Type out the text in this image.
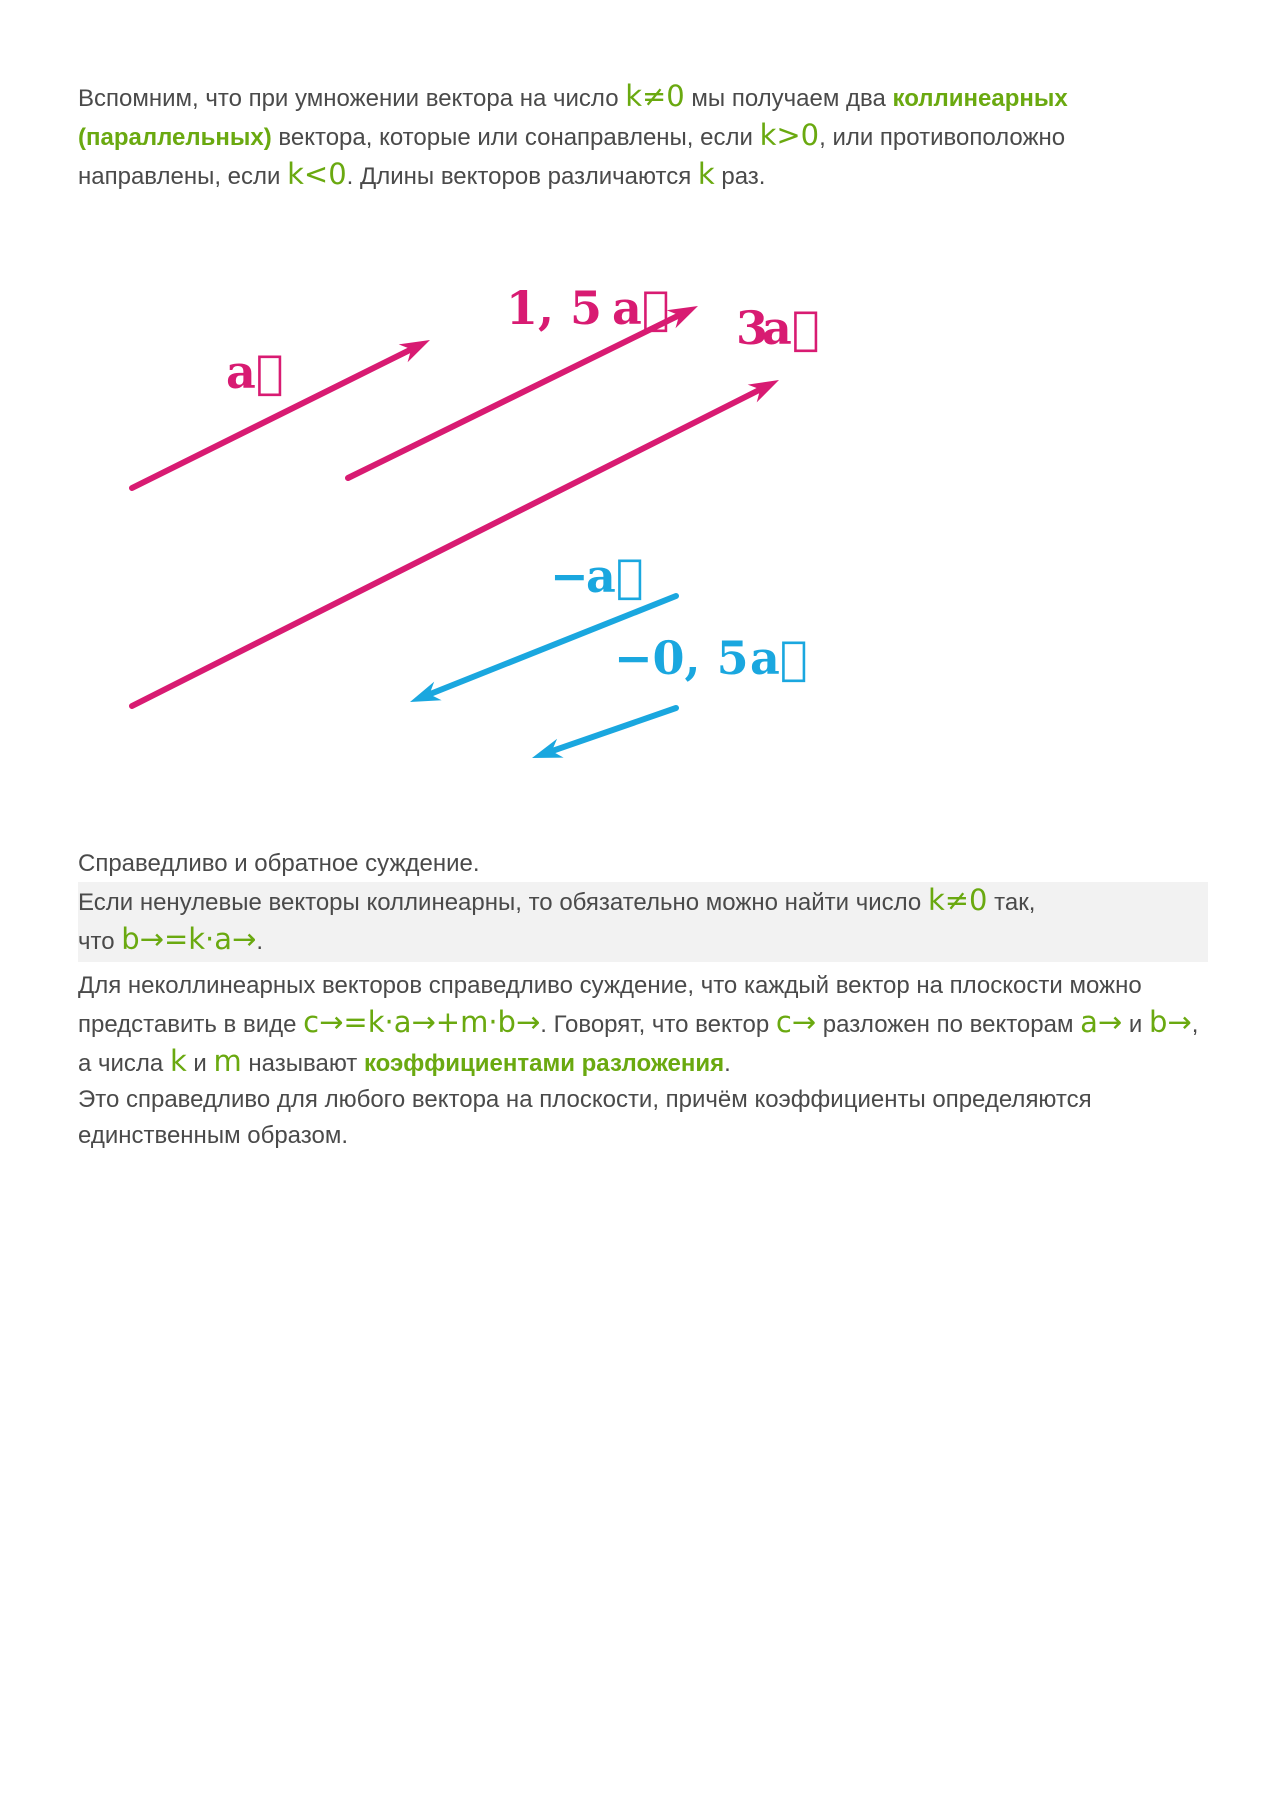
Вспомним, что при умножении вектора на число k≠0 мы получаем два коллинеарных (параллельных) вектора, которые или сонаправлены, если k>0, или противоположно направлены, если k<0. Длины векторов различаются k раз.

a⃗
1, 5 a⃗ 3
a⃗
−
a⃗
−0, 5 a⃗

Справедливо и обратное суждение.

Если ненулевые векторы коллинеарны, то обязательно можно найти число k≠0 так,
что b→=k·a→.

Для неколлинеарных векторов справедливо суждение, что каждый вектор на плоскости можно представить в виде c→=k·a→+m·b→. Говорят, что вектор c→ разложен по векторам a→ и b→, а числа k и m называют коэффициентами разложения.
Это справедливо для любого вектора на плоскости, причём коэффициенты определяются единственным образом.
